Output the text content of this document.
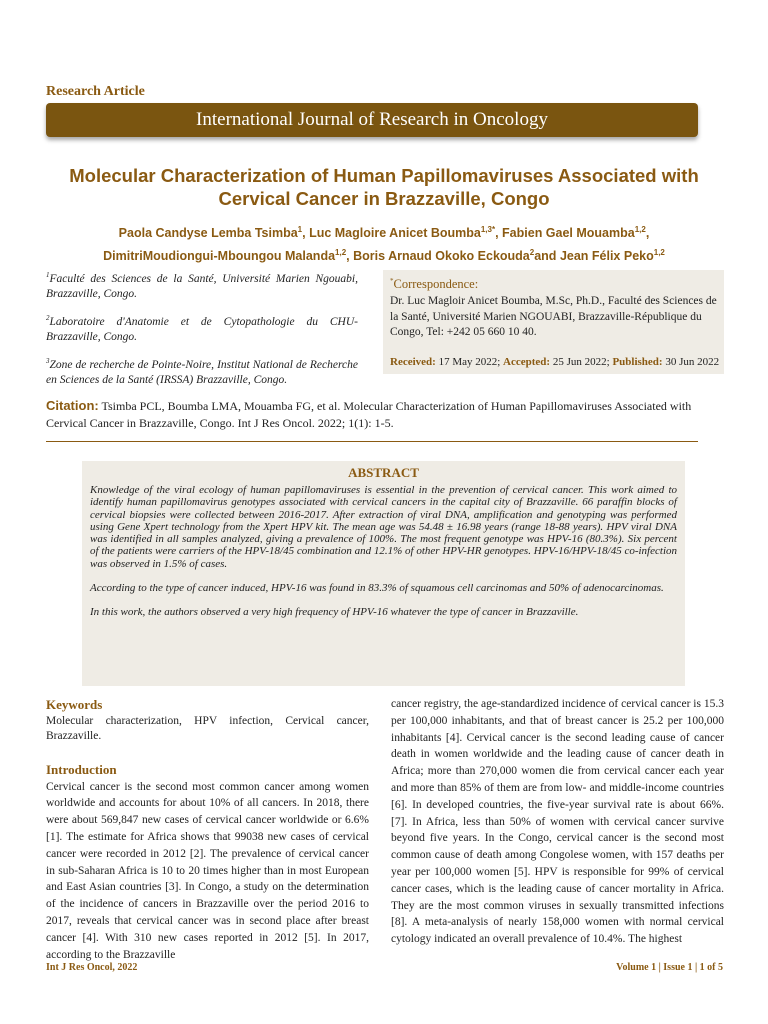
Research Article
International Journal of Research in Oncology
Molecular Characterization of Human Papillomaviruses Associated with
Cervical Cancer in Brazzaville, Congo
Paola Candyse Lemba Tsimba$^1$, Luc Magloire Anicet Boumba$^{1,3*}$, Fabien Gael Mouamba$^{1,2}$,
DimitriMoudiongui-Mboungou Malanda$^{1,2}$, Boris Arnaud Okoko Eckouda$^2$and Jean Félix Peko$^{1,2}$
$^1$Faculté des Sciences de la Santé, Université Marien Ngouabi, Brazzaville, Congo.
$^2$Laboratoire d'Anatomie et de Cytopathologie du CHU-Brazzaville, Congo.
$^3$Zone de recherche de Pointe-Noire, Institut National de Recherche en Sciences de la Santé (IRSSA) Brazzaville, Congo.
*Correspondence:
Dr. Luc Magloir Anicet Boumba, M.Sc, Ph.D., Faculté des Sciences de la Santé, Université Marien NGOUABI, Brazzaville-République du Congo, Tel: +242 05 660 10 40.
Received: 17 May 2022; Accepted: 25 Jun 2022; Published: 30 Jun 2022
Citation: Tsimba PCL, Boumba LMA, Mouamba FG, et al. Molecular Characterization of Human Papillomaviruses Associated with Cervical Cancer in Brazzaville, Congo. Int J Res Oncol. 2022; 1(1): 1-5.
ABSTRACT

Knowledge of the viral ecology of human papillomaviruses is essential in the prevention of cervical cancer. This work aimed to identify human papillomavirus genotypes associated with cervical cancers in the capital city of Brazzaville. 66 paraffin blocks of cervical biopsies were collected between 2016-2017. After extraction of viral DNA, amplification and genotyping was performed using Gene Xpert technology from the Xpert HPV kit. The mean age was 54.48 ± 16.98 years (range 18-88 years). HPV viral DNA was identified in all samples analyzed, giving a prevalence of 100%. The most frequent genotype was HPV-16 (80.3%). Six percent of the patients were carriers of the HPV-18/45 combination and 12.1% of other HPV-HR genotypes. HPV-16/HPV-18/45 co-infection was observed in 1.5% of cases.

According to the type of cancer induced, HPV-16 was found in 83.3% of squamous cell carcinomas and 50% of adenocarcinomas.

In this work, the authors observed a very high frequency of HPV-16 whatever the type of cancer in Brazzaville.

Keywords
Molecular characterization, HPV infection, Cervical cancer, Brazzaville.
Introduction
Cervical cancer is the second most common cancer among women worldwide and accounts for about 10% of all cancers. In 2018, there were about 569,847 new cases of cervical cancer worldwide or 6.6% [1]. The estimate for Africa shows that 99038 new cases of cervical cancer were recorded in 2012 [2]. The prevalence of cervical cancer in sub-Saharan Africa is 10 to 20 times higher than in most European and East Asian countries [3]. In Congo, a study on the determination of the incidence of cancers in Brazzaville over the period 2016 to 2017, reveals that cervical cancer was in second place after breast cancer [4]. With 310 new cases reported in 2012 [5]. In 2017, according to the Brazzaville
cancer registry, the age-standardized incidence of cervical cancer is 15.3 per 100,000 inhabitants, and that of breast cancer is 25.2 per 100,000 inhabitants [4]. Cervical cancer is the second leading cause of cancer death in women worldwide and the leading cause of cancer death in Africa; more than 270,000 women die from cervical cancer each year and more than 85% of them are from low- and middle-income countries [6]. In developed countries, the five-year survival rate is about 66%. [7]. In Africa, less than 50% of women with cervical cancer survive beyond five years. In the Congo, cervical cancer is the second most common cause of death among Congolese women, with 157 deaths per year per 100,000 women [5]. HPV is responsible for 99% of cervical cancer cases, which is the leading cause of cancer mortality in Africa. They are the most common viruses in sexually transmitted infections [8]. A meta-analysis of nearly 158,000 women with normal cervical cytology indicated an overall prevalence of 10.4%. The highest
Int J Res Oncol, 2022	Volume 1 | Issue 1 | 1 of 5
